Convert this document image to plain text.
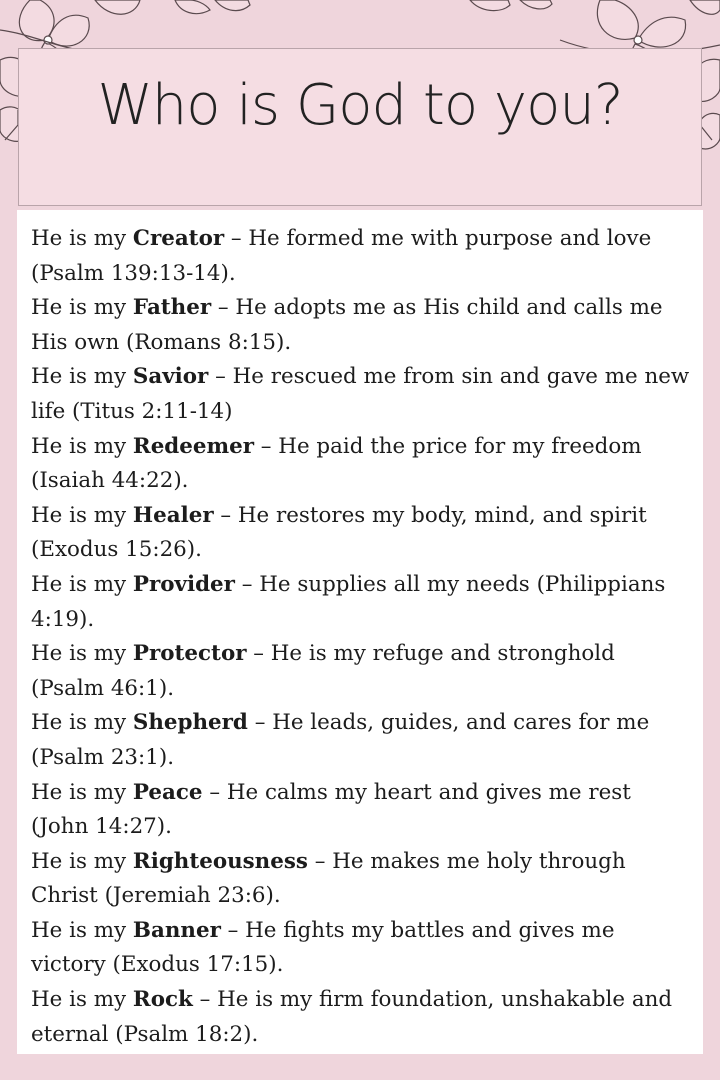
Who is God to you?

He is my Creator – He formed me with purpose and love (Psalm 139:13-14).

He is my Father – He adopts me as His child and calls me His own (Romans 8:15).

He is my Savior – He rescued me from sin and gave me new life (Titus 2:11-14)

He is my Redeemer – He paid the price for my freedom (Isaiah 44:22).

He is my Healer – He restores my body, mind, and spirit (Exodus 15:26).

He is my Provider – He supplies all my needs (Philippians 4:19).

He is my Protector – He is my refuge and stronghold (Psalm 46:1).

He is my Shepherd – He leads, guides, and cares for me (Psalm 23:1).

He is my Peace – He calms my heart and gives me rest (John 14:27).

He is my Righteousness – He makes me holy through Christ (Jeremiah 23:6).

He is my Banner – He fights my battles and gives me victory (Exodus 17:15).

He is my Rock – He is my firm foundation, unshakable and eternal (Psalm 18:2).
